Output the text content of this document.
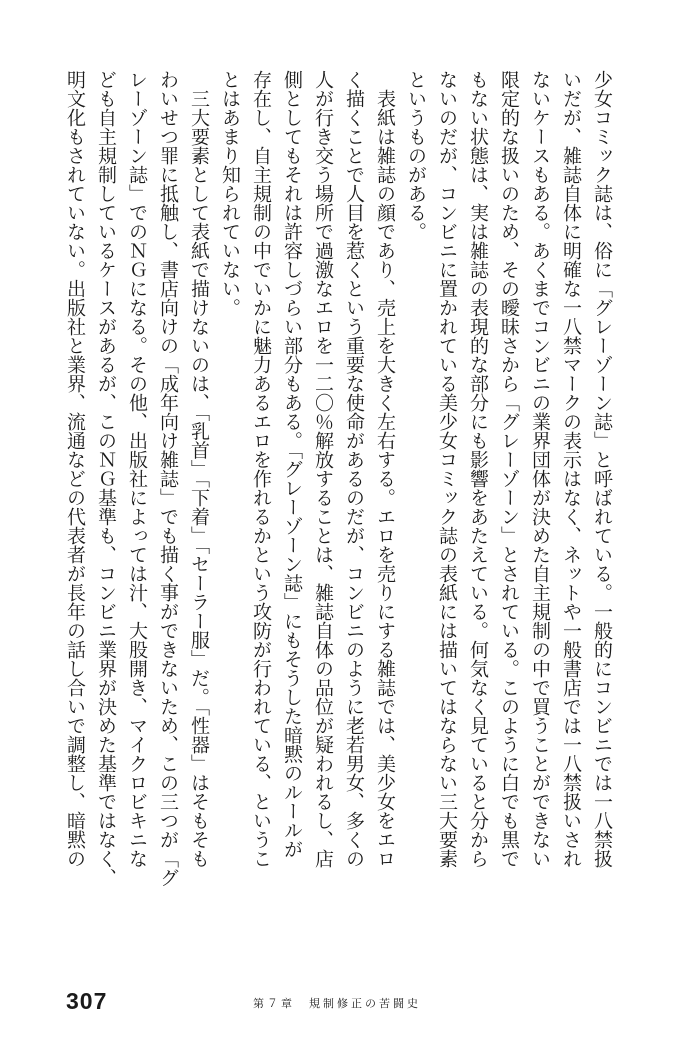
少女コミック誌は、俗に「グレーゾーン誌」と呼ばれている。一般的にコンビニでは一八禁扱

いだが、雑誌自体に明確な一八禁マークの表示はなく、ネットや一般書店では一八禁扱いされ

ないケースもある。あくまでコンビニの業界団体が決めた自主規制の中で買うことができない

限定的な扱いのため、その曖昧さから「グレーゾーン」とされている。このように白でも黒で

もない状態は、実は雑誌の表現的な部分にも影響をあたえている。何気なく見ていると分から

ないのだが、コンビニに置かれている美少女コミック誌の表紙には描いてはならない三大要素

というものがある。

　表紙は雑誌の顔であり、売上を大きく左右する。エロを売りにする雑誌では、美少女をエロ

く描くことで人目を惹くという重要な使命があるのだが、コンビニのように老若男女、多くの

人が行き交う場所で過激なエロを一二〇％解放することは、雑誌自体の品位が疑われるし、店

側としてもそれは許容しづらい部分もある。「グレーゾーン誌」にもそうした暗黙のルールが

存在し、自主規制の中でいかに魅力あるエロを作れるかという攻防が行われている、というこ

とはあまり知られていない。

　三大要素として表紙で描けないのは、「乳首」「下着」「セーラー服」だ。「性器」はそもそも

わいせつ罪に抵触し、書店向けの「成年向け雑誌」でも描く事ができないため、この三つが「グ

レーゾーン誌」でのＮＧになる。その他、出版社によっては汁、大股開き、マイクロビキニな

ども自主規制しているケースがあるが、このＮＧ基準も、コンビニ業界が決めた基準ではなく、

明文化もされていない。出版社と業界、流通などの代表者が長年の話し合いで調整し、暗黙の

307	第７章　規制修正の苦闘史
